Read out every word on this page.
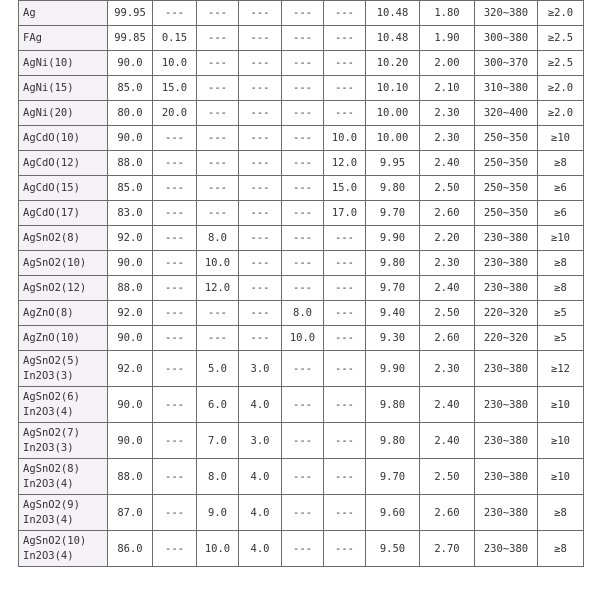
Ag	99.95	---	---	---	---	---	10.48	1.80	320~380	≥2.0

FAg	99.85	0.15	---	---	---	---	10.48	1.90	300~380	≥2.5

AgNi(10)	90.0	10.0	---	---	---	---	10.20	2.00	300~370	≥2.5

AgNi(15)	85.0	15.0	---	---	---	---	10.10	2.10	310~380	≥2.0

AgNi(20)	80.0	20.0	---	---	---	---	10.00	2.30	320~400	≥2.0

AgCdO(10)	90.0	---	---	---	---	10.0	10.00	2.30	250~350	≥10

AgCdO(12)	88.0	---	---	---	---	12.0	9.95	2.40	250~350	≥8

AgCdO(15)	85.0	---	---	---	---	15.0	9.80	2.50	250~350	≥6

AgCdO(17)	83.0	---	---	---	---	17.0	9.70	2.60	250~350	≥6

AgSnO2(8)	92.0	---	8.0	---	---	---	9.90	2.20	230~380	≥10

AgSnO2(10)	90.0	---	10.0	---	---	---	9.80	2.30	230~380	≥8

AgSnO2(12)	88.0	---	12.0	---	---	---	9.70	2.40	230~380	≥8

AgZnO(8)	92.0	---	---	---	8.0	---	9.40	2.50	220~320	≥5

AgZnO(10)	90.0	---	---	---	10.0	---	9.30	2.60	220~320	≥5

AgSnO2(5)
In2O3(3)	92.0	---	5.0	3.0	---	---	9.90	2.30	230~380	≥12

AgSnO2(6)
In2O3(4)	90.0	---	6.0	4.0	---	---	9.80	2.40	230~380	≥10

AgSnO2(7)
In2O3(3)	90.0	---	7.0	3.0	---	---	9.80	2.40	230~380	≥10

AgSnO2(8)
In2O3(4)	88.0	---	8.0	4.0	---	---	9.70	2.50	230~380	≥10

AgSnO2(9)
In2O3(4)	87.0	---	9.0	4.0	---	---	9.60	2.60	230~380	≥8

AgSnO2(10)
In2O3(4)	86.0	---	10.0	4.0	---	---	9.50	2.70	230~380	≥8
